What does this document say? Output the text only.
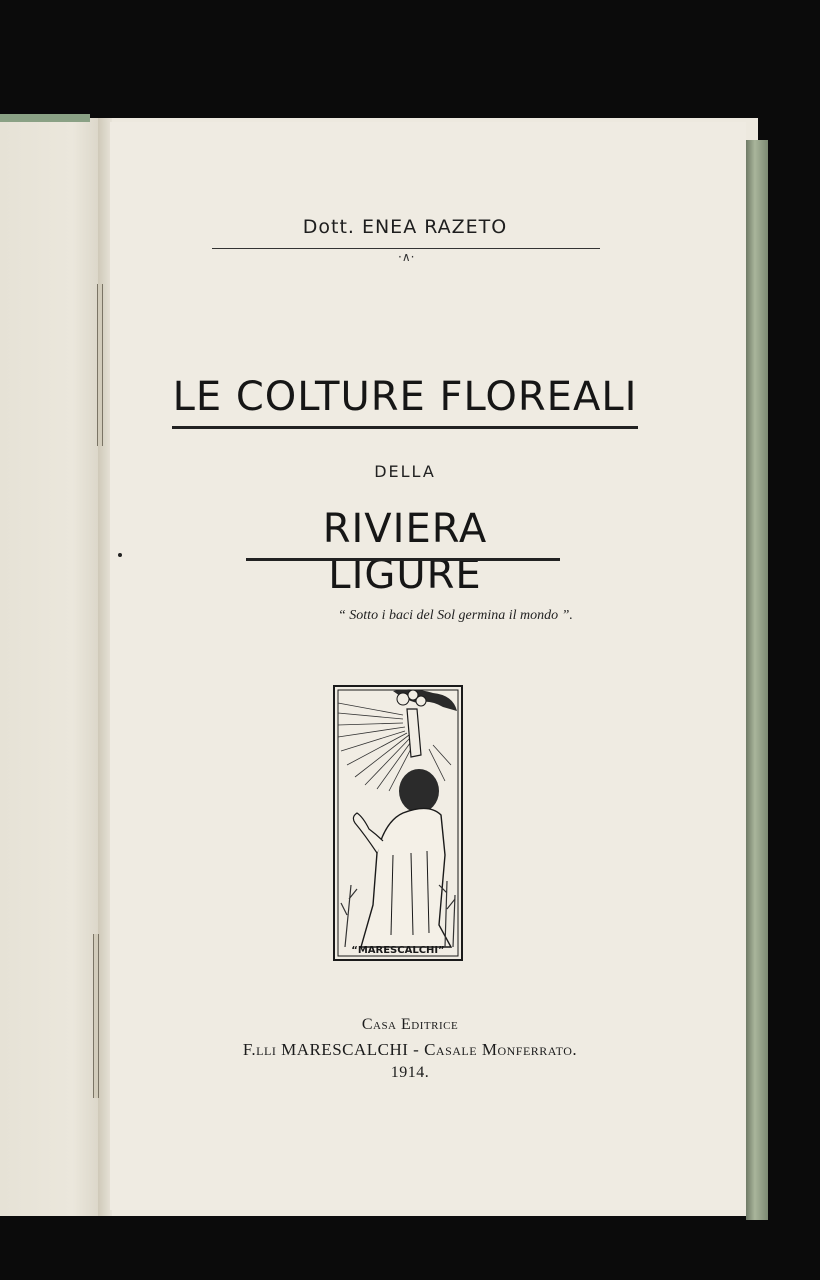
Dott. ENEA RAZETO
·∧·
LE COLTURE FLOREALI
DELLA
RIVIERA LIGURE
“ Sotto i baci del Sol germina il mondo ”.
“MARESCALCHI”
Casa Editrice
F.lli MARESCALCHI - Casale Monferrato.
1914.
